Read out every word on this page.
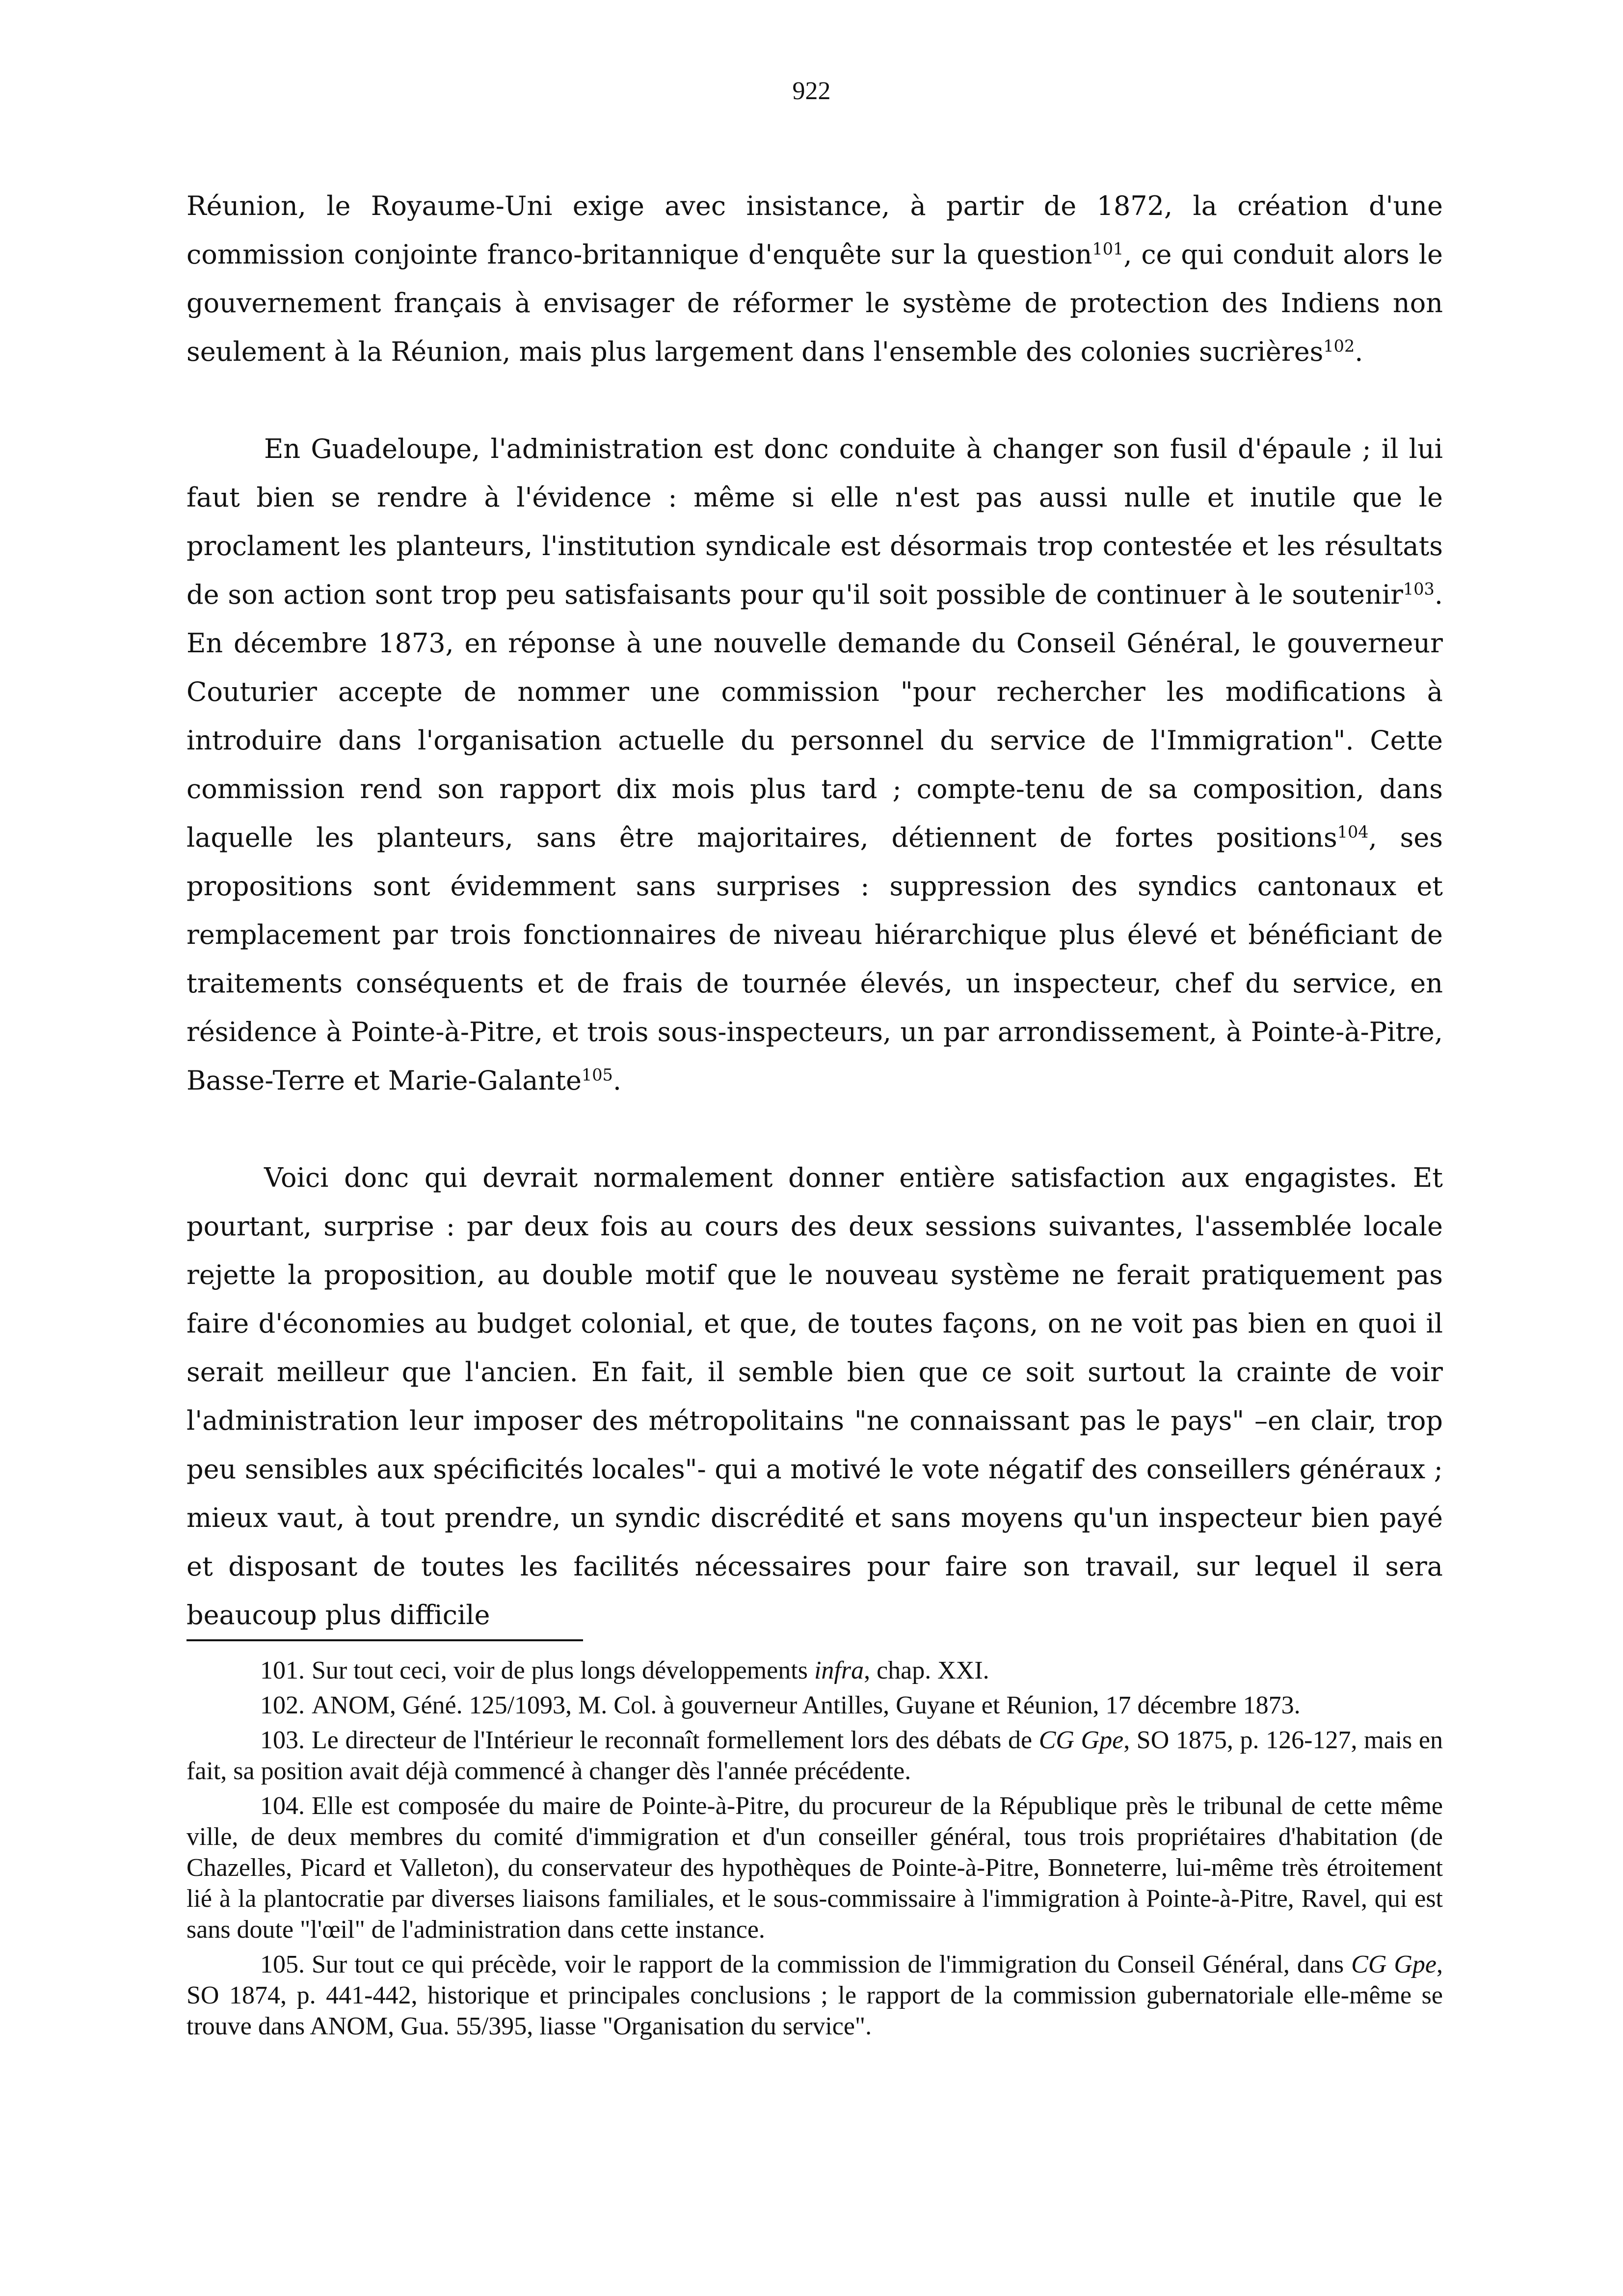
922

Réunion, le Royaume-Uni exige avec insistance, à partir de 1872, la création d'une commission conjointe franco-britannique d'enquête sur la question$^{101}$, ce qui conduit alors le gouvernement français à envisager de réformer le système de protection des Indiens non seulement à la Réunion, mais plus largement dans l'ensemble des colonies sucrières$^{102}$.

En Guadeloupe, l'administration est donc conduite à changer son fusil d'épaule ; il lui faut bien se rendre à l'évidence : même si elle n'est pas aussi nulle et inutile que le proclament les planteurs, l'institution syndicale est désormais trop contestée et les résultats de son action sont trop peu satisfaisants pour qu'il soit possible de continuer à le soutenir$^{103}$. En décembre 1873, en réponse à une nouvelle demande du Conseil Général, le gouverneur Couturier accepte de nommer une commission "pour rechercher les modifications à introduire dans l'organisation actuelle du personnel du service de l'Immigration". Cette commission rend son rapport dix mois plus tard ; compte-tenu de sa composition, dans laquelle les planteurs, sans être majoritaires, détiennent de fortes positions$^{104}$, ses propositions sont évidemment sans surprises : suppression des syndics cantonaux et remplacement par trois fonctionnaires de niveau hiérarchique plus élevé et bénéficiant de traitements conséquents et de frais de tournée élevés, un inspecteur, chef du service, en résidence à Pointe-à-Pitre, et trois sous-inspecteurs, un par arrondissement, à Pointe-à-Pitre, Basse-Terre et Marie-Galante$^{105}$.

Voici donc qui devrait normalement donner entière satisfaction aux engagistes. Et pourtant, surprise : par deux fois au cours des deux sessions suivantes, l'assemblée locale rejette la proposition, au double motif que le nouveau système ne ferait pratiquement pas faire d'économies au budget colonial, et que, de toutes façons, on ne voit pas bien en quoi il serait meilleur que l'ancien. En fait, il semble bien que ce soit surtout la crainte de voir l'administration leur imposer des métropolitains "ne connaissant pas le pays" –en clair, trop peu sensibles aux spécificités locales"- qui a motivé le vote négatif des conseillers généraux ; mieux vaut, à tout prendre, un syndic discrédité et sans moyens qu'un inspecteur bien payé et disposant de toutes les facilités nécessaires pour faire son travail, sur lequel il sera beaucoup plus difficile

101. Sur tout ceci, voir de plus longs développements infra, chap. XXI.

102. ANOM, Géné. 125/1093, M. Col. à gouverneur Antilles, Guyane et Réunion, 17 décembre 1873.

103. Le directeur de l'Intérieur le reconnaît formellement lors des débats de CG Gpe, SO 1875, p. 126-127, mais en fait, sa position avait déjà commencé à changer dès l'année précédente.

104. Elle est composée du maire de Pointe-à-Pitre, du procureur de la République près le tribunal de cette même ville, de deux membres du comité d'immigration et d'un conseiller général, tous trois propriétaires d'habitation (de Chazelles, Picard et Valleton), du conservateur des hypothèques de Pointe-à-Pitre, Bonneterre, lui-même très étroitement lié à la plantocratie par diverses liaisons familiales, et le sous-commissaire à l'immigration à Pointe-à-Pitre, Ravel, qui est sans doute "l'œil" de l'administration dans cette instance.

105. Sur tout ce qui précède, voir le rapport de la commission de l'immigration du Conseil Général, dans CG Gpe, SO 1874, p. 441-442, historique et principales conclusions ; le rapport de la commission gubernatoriale elle-même se trouve dans ANOM, Gua. 55/395, liasse "Organisation du service".
